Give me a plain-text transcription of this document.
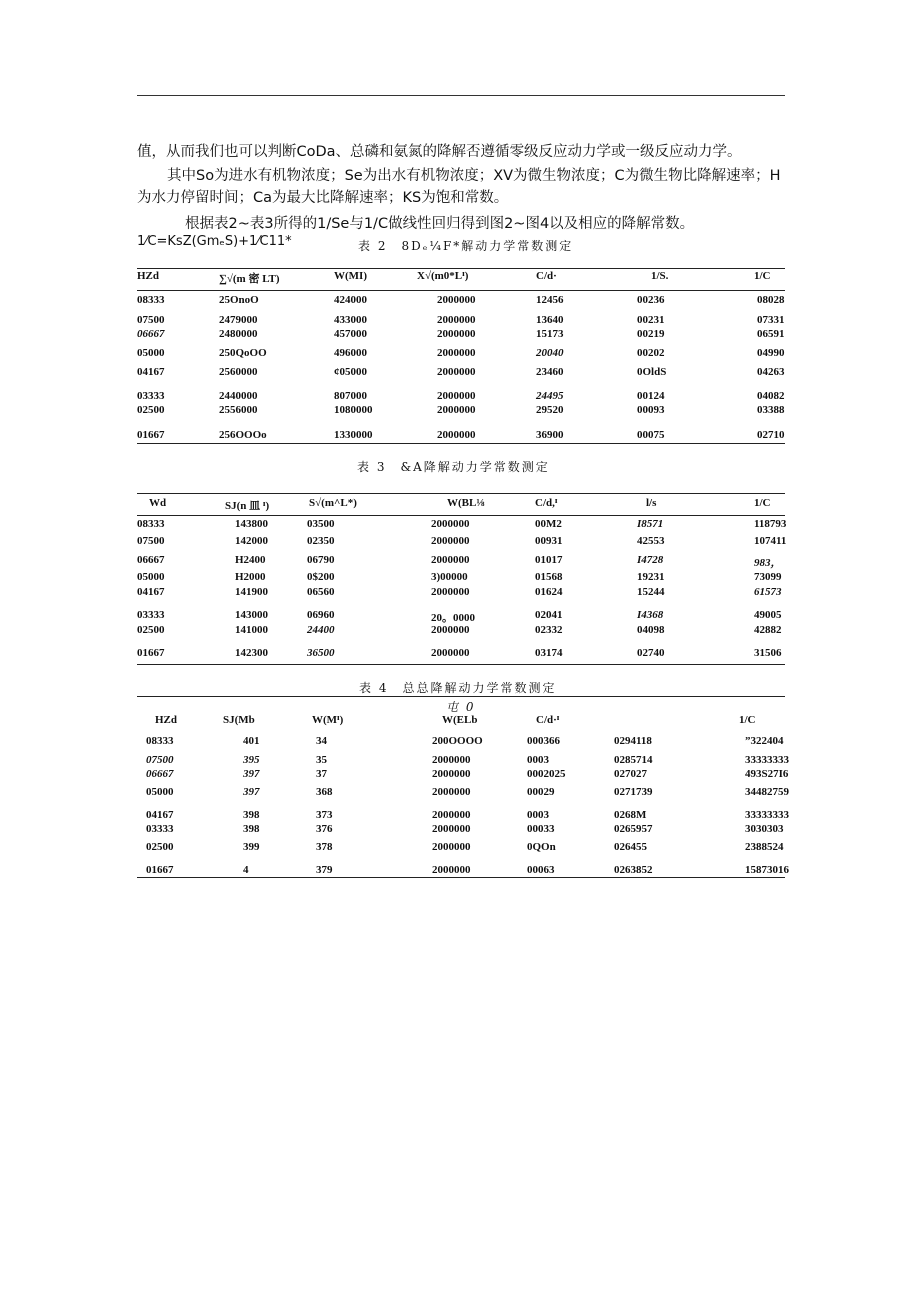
值，从而我们也可以判断CoDa、总磷和氨氮的降解否遵循零级反应动力学或一级反应动力学。
其中So为进水有机物浓度；Se为出水有机物浓度；XV为微生物浓度；C为微生物比降解速率；H为水力停留时间；Ca为最大比降解速率；KS为饱和常数。
根据表2~表3所得的1/Se与1/C做线性回归得到图2~图4以及相应的降解常数。
1⁄C=KsZ(GmₑS)+1⁄C11*	表 2　8Dₑ¼F*解动力学常数测定
HZd	∑√(m 密 LT)	W(MI)	X√(m0*Lᴵ)	C/d·	1/S.	1/C
08333	25OnoO	424000	2000000	12456	00236	08028
07500	2479000	433000	2000000	13640	00231	07331
06667	2480000	457000	2000000	15173	00219	06591
05000	250QoOO	496000	2000000	20040	00202	04990
04167	2560000	¢05000	2000000	23460	0OldS	04263
03333	2440000	807000	2000000	24495	00124	04082
02500	2556000	1080000	2000000	29520	00093	03388
01667	256OOOo	1330000	2000000	36900	00075	02710
表 3　&A降解动力学常数测定
Wd	SJ(n 皿 ᴵ)	S√(m^L*)	W(BL⅛	C/d,ᴵ	l/s	1/C
08333	143800	03500	2000000	00M2	I8571	118793
07500	142000	02350	2000000	00931	42553	107411
06667	H2400	06790	2000000	01017	I4728	983，
05000	H2000	0$200	3)00000	01568	19231	73099
04167	141900	06560	2000000	01624	15244	61573
03333	143000	06960	20。0000	02041	I4368	49005
02500	141000	24400	2000000	02332	04098	42882
01667	142300	36500	2000000	03174	02740	31506
表 4　总总降解动力学常数测定
屯 0
HZd	SJ(Mb	W(Mᴵ)	W(ELb	C/d·ᴵ	1/C
08333	401	34	200OOOO	000366	0294118	”322404
07500	395	35	2000000	0003	0285714	33333333
06667	397	37	2000000	0002025	027027	493S27I6
05000	397	368	2000000	00029	0271739	34482759
04167	398	373	2000000	0003	0268M	33333333
03333	398	376	2000000	00033	0265957	3030303
02500	399	378	2000000	0QOn	026455	2388524
01667	4	379	2000000	00063	0263852	15873016
